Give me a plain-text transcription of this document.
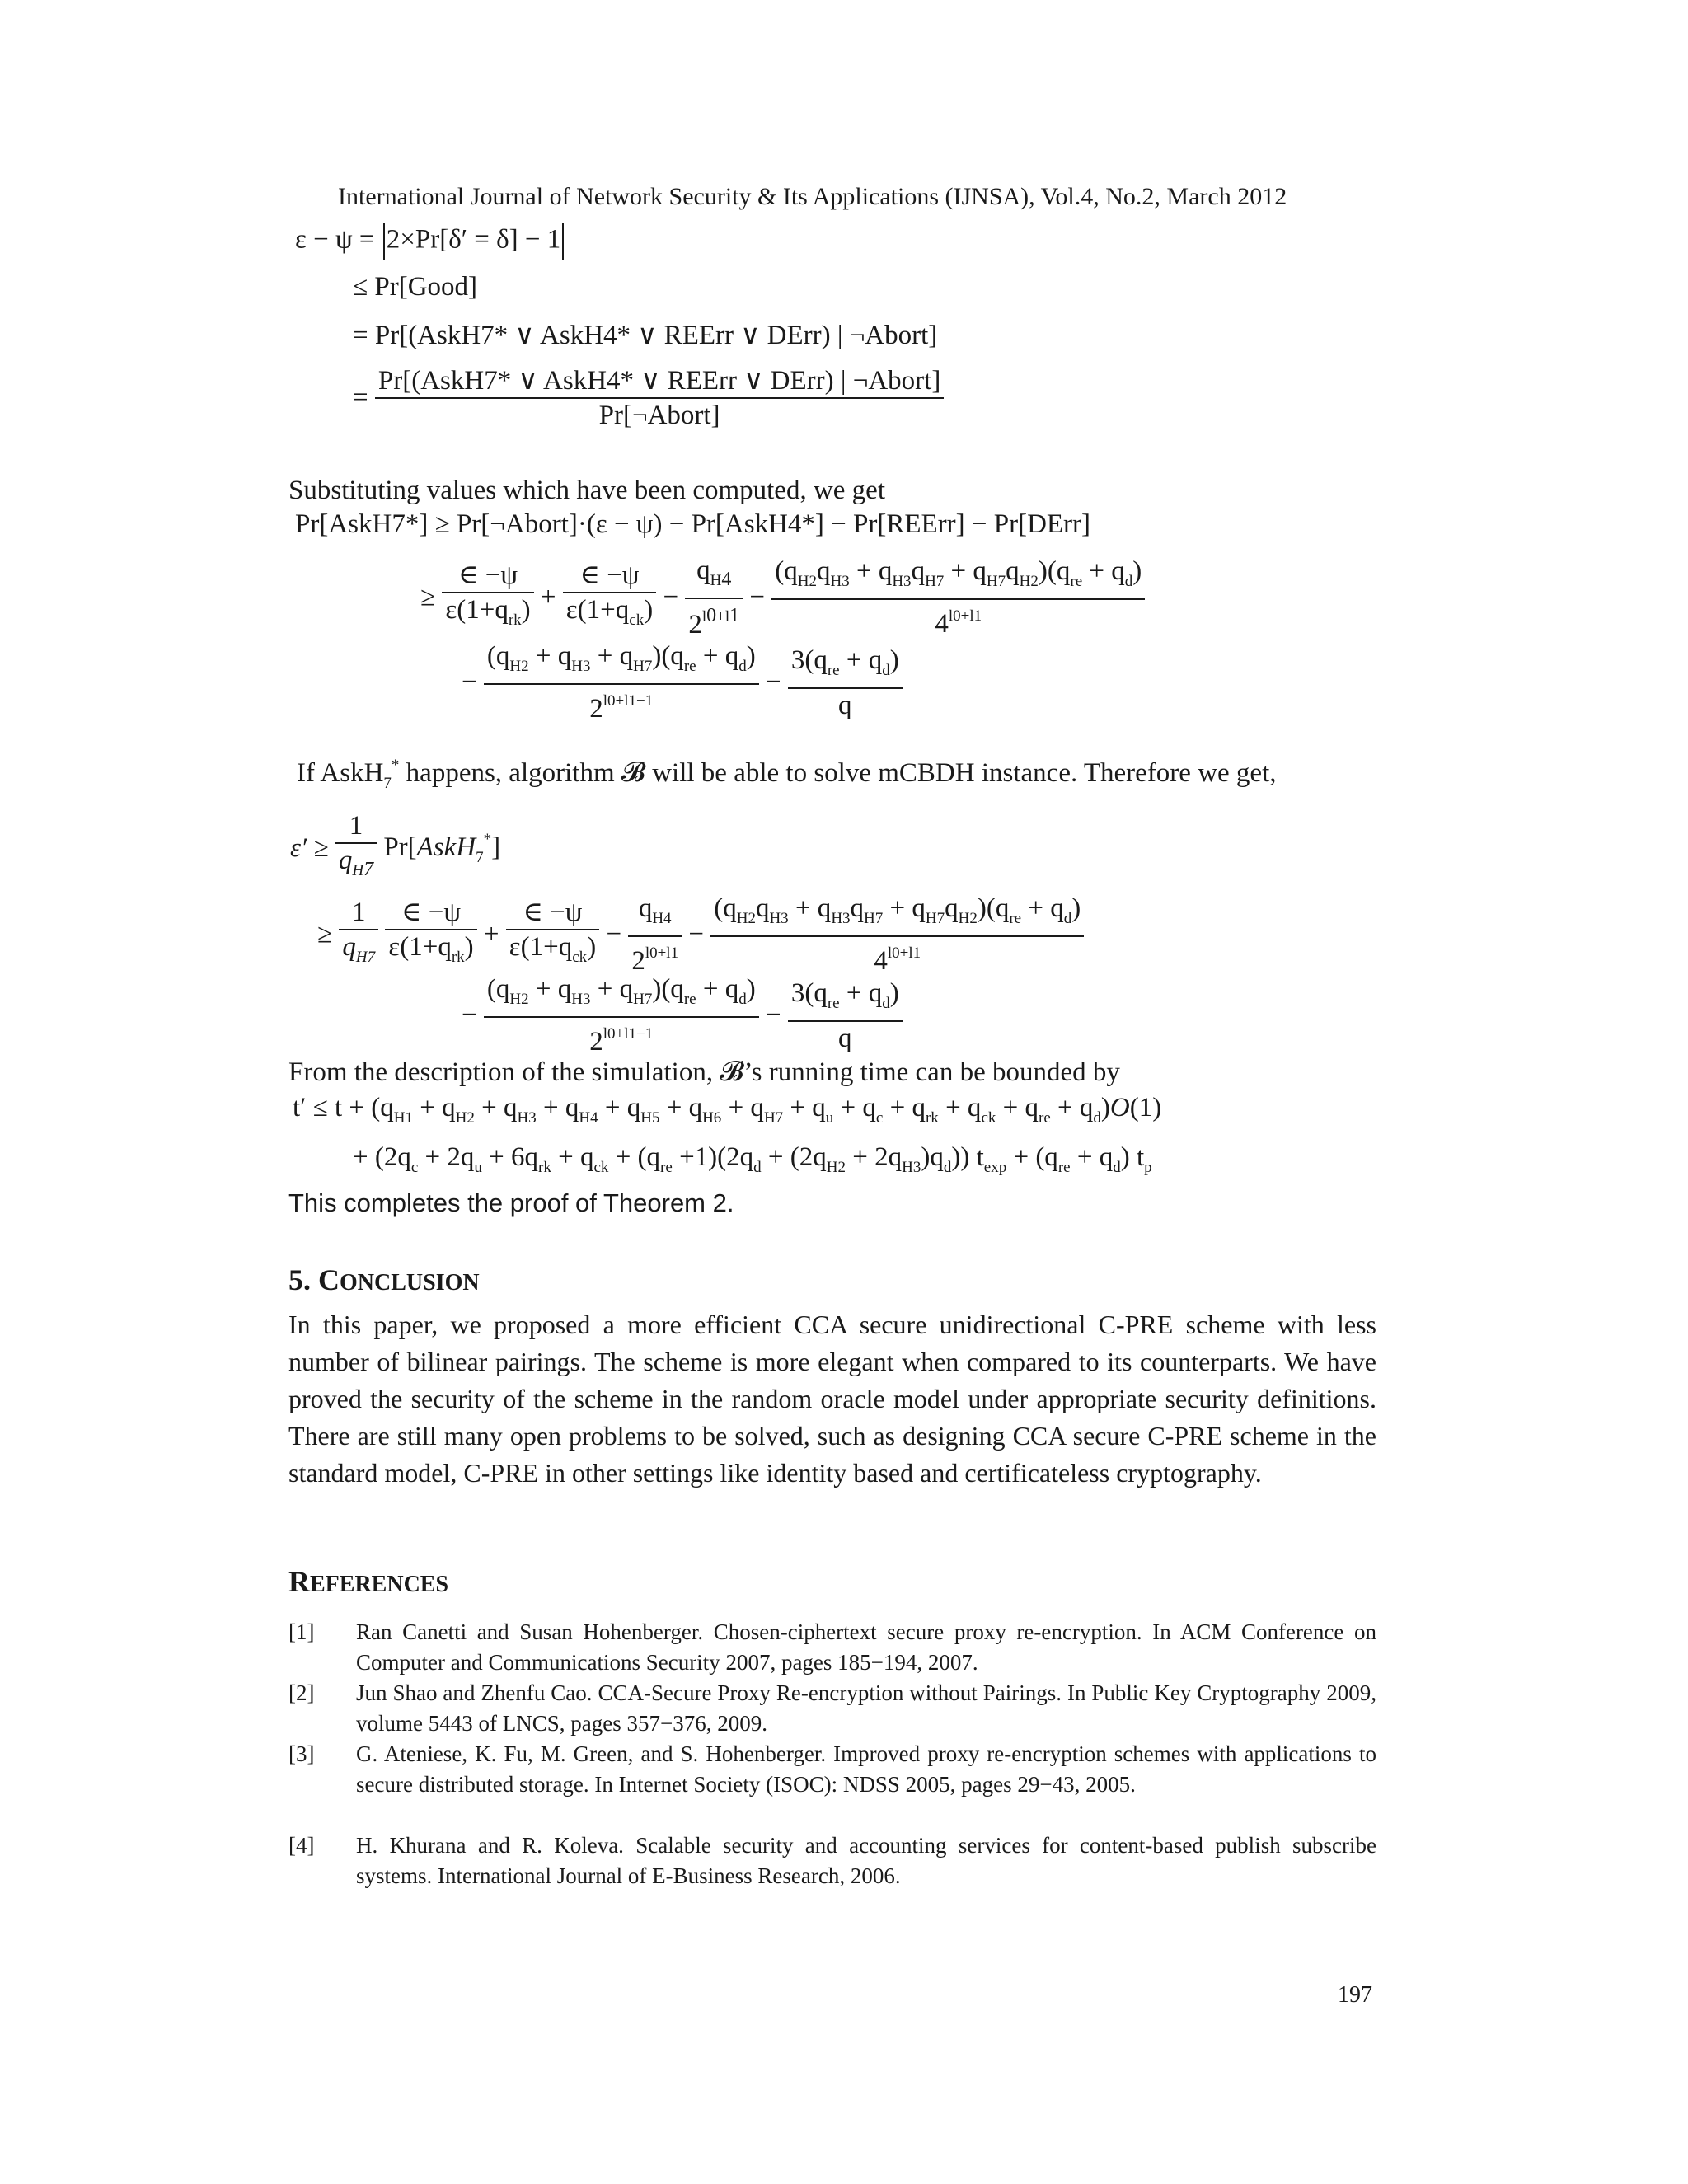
International Journal of Network Security & Its Applications (IJNSA), Vol.4, No.2, March 2012
ε − ψ = 2×Pr[δ′ = δ] − 1
≤ Pr[Good]
= Pr[(AskH7* ∨ AskH4* ∨ REErr ∨ DErr) | ¬Abort]
= $\frac{\text{Pr[(AskH7* ∨ AskH4* ∨ REErr ∨ DErr) | ¬Abort]}}{\text{Pr[¬Abort]}}$
Substituting values which have been computed, we get
Pr[AskH7*] ≥ Pr[¬Abort]·(ε − ψ) − Pr[AskH4*] − Pr[REErr] − Pr[DErr]
≥ $\frac{\in -\psi}{\varepsilon(1+q_{rk})} + \frac{\in -\psi}{\varepsilon(1+q_{ck})} - \frac{q_{H4}}{2^{l0+l1}} - \frac{(q_{H2}q_{H3} + q_{H3}q_{H7} + q_{H7}q_{H2})(q_{re} + q_d)}{4^{l0+l1}}$
− $\frac{(q_{H2} + q_{H3} + q_{H7})(q_{re} + q_d)}{2^{l0+l1-1}} - \frac{3(q_{re} + q_d)}{q}$
If AskH$_7$* happens, algorithm 𝓑 will be able to solve mCBDH instance. Therefore we get,
$\varepsilon' \ge \frac{1}{q_{H7}}$ Pr[AskH$_7$*]
≥ $\frac{1}{q_{H7}}$
$\frac{\in -\psi}{\varepsilon(1+q_{rk})} + \frac{\in -\psi}{\varepsilon(1+q_{ck})} - \frac{q_{H4}}{2^{l0+l1}} - \frac{(q_{H2}q_{H3} + q_{H3}q_{H7} + q_{H7}q_{H2})(q_{re} + q_d)}{4^{l0+l1}}$
− $\frac{(q_{H2} + q_{H3} + q_{H7})(q_{re} + q_d)}{2^{l0+l1-1}} - \frac{3(q_{re} + q_d)}{q}$
From the description of the simulation, 𝓑’s running time can be bounded by
$t' \le t + (q_{H1} + q_{H2} + q_{H3} + q_{H4} + q_{H5} + q_{H6} + q_{H7} + q_u + q_c + q_{rk} + q_{ck} + q_{re} + q_d)O(1)$
+ $(2q_c + 2q_u + 6q_{rk} + q_{ck} + (q_{re} +1)(2q_d + (2q_{H2} + 2q_{H3})q_d)) t_{exp} + (q_{re} + q_d)$ $t_p$
This completes the proof of Theorem 2.
5. CONCLUSION
In this paper, we proposed a more efficient CCA secure unidirectional C-PRE scheme with less number of bilinear pairings. The scheme is more elegant when compared to its counterparts. We have proved the security of the scheme in the random oracle model under appropriate security definitions. There are still many open problems to be solved, such as designing CCA secure C-PRE scheme in the standard model, C-PRE in other settings like identity based and certificateless cryptography.
REFERENCES
[1] Ran Canetti and Susan Hohenberger. Chosen-ciphertext secure proxy re-encryption. In ACM Conference on Computer and Communications Security 2007, pages 185−194, 2007.
[2] Jun Shao and Zhenfu Cao. CCA-Secure Proxy Re-encryption without Pairings. In Public Key Cryptography 2009, volume 5443 of LNCS, pages 357−376, 2009.
[3] G. Ateniese, K. Fu, M. Green, and S. Hohenberger. Improved proxy re-encryption schemes with applications to secure distributed storage. In Internet Society (ISOC): NDSS 2005, pages 29−43, 2005.
[4] H. Khurana and R. Koleva. Scalable security and accounting services for content-based publish subscribe systems. International Journal of E-Business Research, 2006.
197
